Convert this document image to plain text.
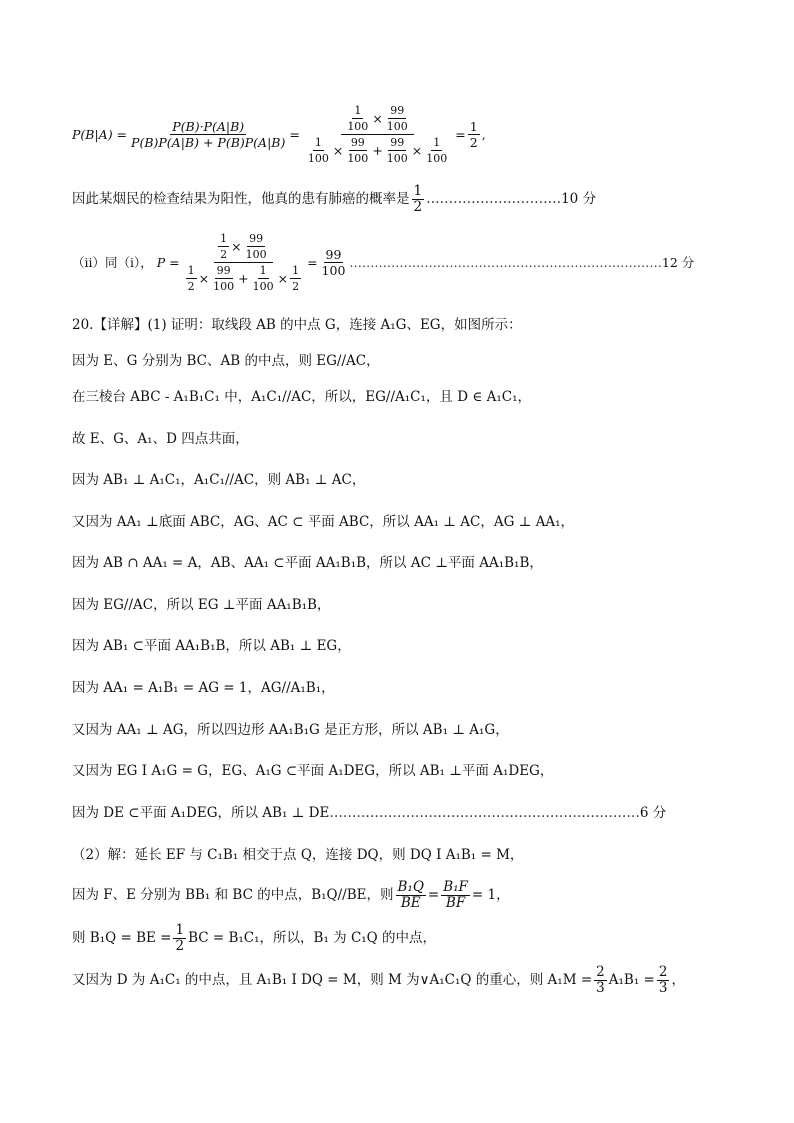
$P(B|A) = \frac{P(B)\cdot P(A|B)}{P(B)P(A|B) + P(B)P(A|B)}$ =
$\frac{1}{100} \times \frac{99}{100}$
$\frac{1}{100} \times \frac{99}{100} + \frac{99}{100} \times \frac{1}{100}$
= $\frac{1}{2}$ ,
因此某烟民的检查结果为阳性，他真的患有肺癌的概率是 $\frac{1}{2}$ ………………………… 10 分
（ii）同（i）， $P = \frac{\frac{1}{2} \times \frac{99}{100}}{\frac{1}{2} \times \frac{99}{100} + \frac{1}{100} \times \frac{1}{2}} = \frac{99}{100}$ ………………………………………………………………… 12 分
20.【详解】(1) 证明：取线段 AB 的中点 G，连接 A₁G、EG，如图所示：
因为 E、G 分别为 BC、AB 的中点，则 EG//AC，
在三棱台 ABC - A₁B₁C₁ 中，A₁C₁//AC，所以，EG//A₁C₁，且 D ∈ A₁C₁，
故 E、G、A₁、D 四点共面，
因为 AB₁ ⊥ A₁C₁，A₁C₁//AC，则 AB₁ ⊥ AC，
又因为 AA₁ ⊥底面 ABC，AG、AC ⊂ 平面 ABC，所以 AA₁ ⊥ AC，AG ⊥ AA₁，
因为 AB ∩ AA₁ = A，AB、AA₁ ⊂平面 AA₁B₁B，所以 AC ⊥平面 AA₁B₁B，
因为 EG//AC，所以 EG ⊥平面 AA₁B₁B，
因为 AB₁ ⊂平面 AA₁B₁B，所以 AB₁ ⊥ EG，
因为 AA₁ = A₁B₁ = AG = 1，AG//A₁B₁，
又因为 AA₁ ⊥ AG，所以四边形 AA₁B₁G 是正方形，所以 AB₁ ⊥ A₁G，
又因为 EG I A₁G = G，EG、A₁G ⊂平面 A₁DEG，所以 AB₁ ⊥平面 A₁DEG，
因为 DE ⊂平面 A₁DEG，所以 AB₁ ⊥ DE……………………………………………………………6 分
（2）解：延长 EF 与 C₁B₁ 相交于点 Q，连接 DQ，则 DQ I A₁B₁ = M，
因为 F、E 分别为 BB₁ 和 BC 的中点，B₁Q//BE，则 $\frac{\text{B₁Q}}{BE} = \frac{\text{B₁F}}{BF} = 1$，
则 B₁Q = BE = $\frac{1}{2}$ BC = B₁C₁，所以，B₁ 为 C₁Q 的中点，
又因为 D 为 A₁C₁ 的中点，且 A₁B₁ I DQ = M，则 M 为∨A₁C₁Q 的重心，则 $A_1M = \frac{2}{3} A_1B_1 = \frac{2}{3}$ ，
